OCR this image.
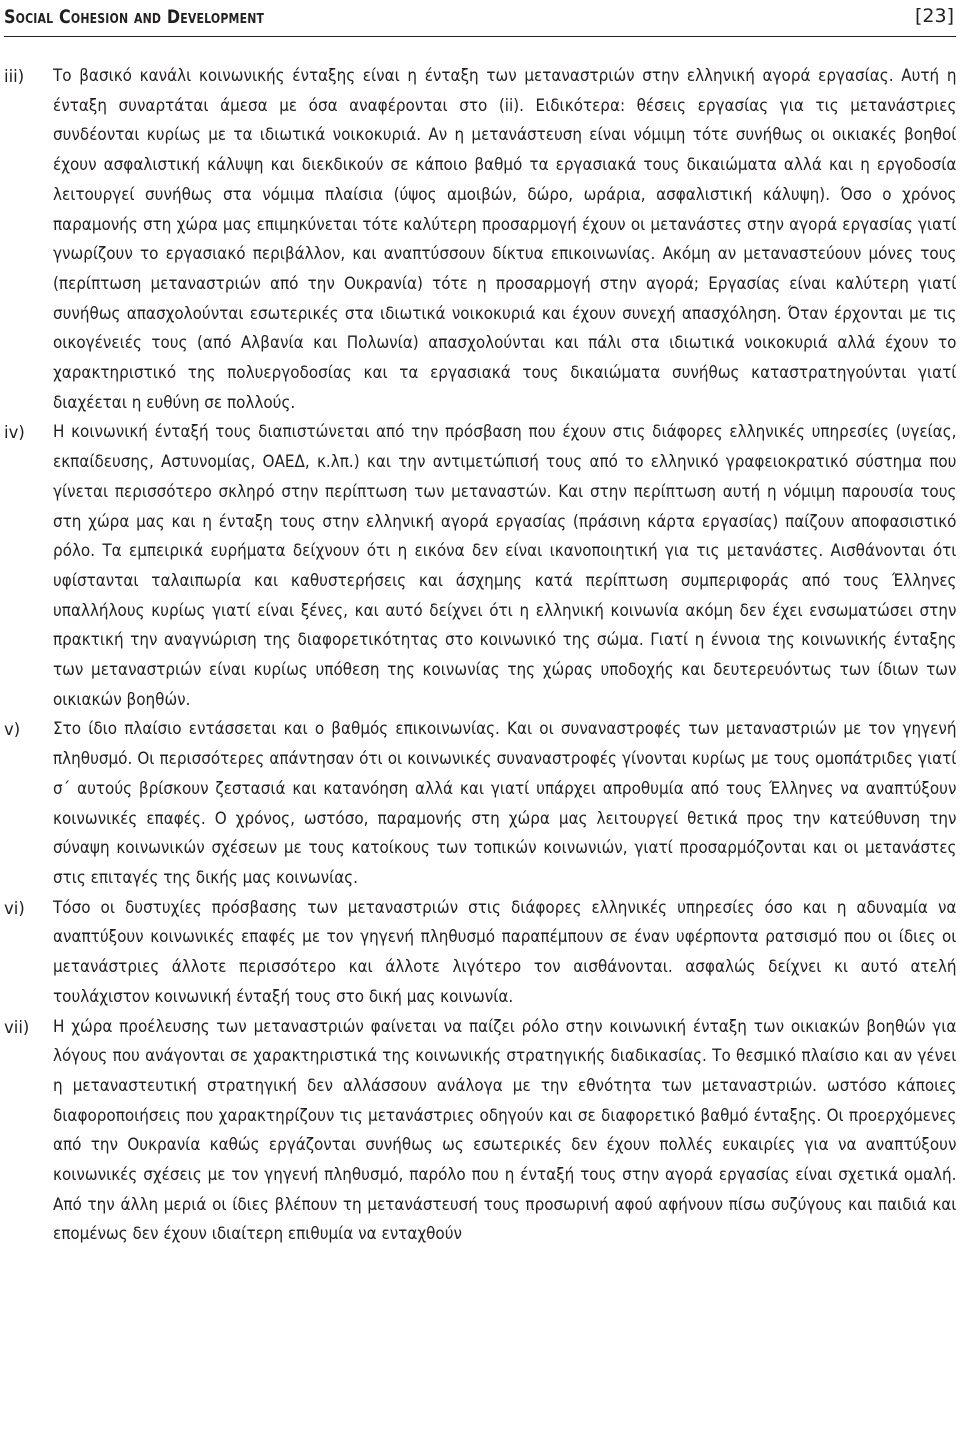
Social Cohesion and Development	[23]
iii) Το βασικό κανάλι κοινωνικής ένταξης είναι η ένταξη των μεταναστριών στην ελληνική αγορά εργασίας. Αυτή η ένταξη συναρτάται άμεσα με όσα αναφέρονται στο (ii). Ειδικότερα: θέσεις εργασίας για τις μετανάστριες συνδέονται κυρίως με τα ιδιωτικά νοικοκυριά. Αν η μετανάστευση είναι νόμιμη τότε συνήθως οι οικιακές βοηθοί έχουν ασφαλιστική κάλυψη και διεκδικούν σε κάποιο βαθμό τα εργασιακά τους δικαιώματα αλλά και η εργοδοσία λειτουργεί συνήθως στα νόμιμα πλαίσια (ύψος αμοιβών, δώρο, ωράρια, ασφαλιστική κάλυψη). Όσο ο χρόνος παραμονής στη χώρα μας επιμηκύνεται τότε καλύτερη προσαρμογή έχουν οι μετανάστες στην αγορά εργασίας γιατί γνωρίζουν το εργασιακό περιβάλλον, και αναπτύσσουν δίκτυα επικοινωνίας. Ακόμη αν μεταναστεύουν μόνες τους (περίπτωση μεταναστριών από την Ουκρανία) τότε η προσαρμογή στην αγορά; Εργασίας είναι καλύτερη γιατί συνήθως απασχολούνται εσωτερικές στα ιδιωτικά νοικοκυριά και έχουν συνεχή απασχόληση. Όταν έρχονται με τις οικογένειές τους (από Αλβανία και Πολωνία) απασχολούνται και πάλι στα ιδιωτικά νοικοκυριά αλλά έχουν το χαρακτηριστικό της πολυεργοδοσίας και τα εργασιακά τους δικαιώματα συνήθως καταστρατηγούνται γιατί διαχέεται η ευθύνη σε πολλούς.
iv) Η κοινωνική ένταξή τους διαπιστώνεται από την πρόσβαση που έχουν στις διάφορες ελληνικές υπηρεσίες (υγείας, εκπαίδευσης, Αστυνομίας, ΟΑΕΔ, κ.λπ.) και την αντιμετώπισή τους από το ελληνικό γραφειοκρατικό σύστημα που γίνεται περισσότερο σκληρό στην περίπτωση των μεταναστών. Και στην περίπτωση αυτή η νόμιμη παρουσία τους στη χώρα μας και η ένταξη τους στην ελληνική αγορά εργασίας (πράσινη κάρτα εργασίας) παίζουν αποφασιστικό ρόλο. Τα εμπειρικά ευρήματα δείχνουν ότι η εικόνα δεν είναι ικανοποιητική για τις μετανάστες. Αισθάνονται ότι υφίστανται ταλαιπωρία και καθυστερήσεις και άσχημης κατά περίπτωση συμπεριφοράς από τους Έλληνες υπαλλήλους κυρίως γιατί είναι ξένες, και αυτό δείχνει ότι η ελληνική κοινωνία ακόμη δεν έχει ενσωματώσει στην πρακτική την αναγνώριση της διαφορετικότητας στο κοινωνικό της σώμα. Γιατί η έννοια της κοινωνικής ένταξης των μεταναστριών είναι κυρίως υπόθεση της κοινωνίας της χώρας υποδοχής και δευτερευόντως των ίδιων των οικιακών βοηθών.
v) Στο ίδιο πλαίσιο εντάσσεται και ο βαθμός επικοινωνίας. Και οι συναναστροφές των μεταναστριών με τον γηγενή πληθυσμό. Οι περισσότερες απάντησαν ότι οι κοινωνικές συναναστροφές γίνονται κυρίως με τους ομοπάτριδες γιατί σ΄ αυτούς βρίσκουν ζεστασιά και κατανόηση αλλά και γιατί υπάρχει απροθυμία από τους Έλληνες να αναπτύξουν κοινωνικές επαφές. Ο χρόνος, ωστόσο, παραμονής στη χώρα μας λειτουργεί θετικά προς την κατεύθυνση την σύναψη κοινωνικών σχέσεων με τους κατοίκους των τοπικών κοινωνιών, γιατί προσαρμόζονται και οι μετανάστες στις επιταγές της δικής μας κοινωνίας.
vi) Τόσο οι δυστυχίες πρόσβασης των μεταναστριών στις διάφορες ελληνικές υπηρεσίες όσο και η αδυναμία να αναπτύξουν κοινωνικές επαφές με τον γηγενή πληθυσμό παραπέμπουν σε έναν υφέρποντα ρατσισμό που οι ίδιες οι μετανάστριες άλλοτε περισσότερο και άλλοτε λιγότερο τον αισθάνονται. ασφαλώς δείχνει κι αυτό ατελή τουλάχιστον κοινωνική ένταξή τους στο δική μας κοινωνία.
vii) Η χώρα προέλευσης των μεταναστριών φαίνεται να παίζει ρόλο στην κοινωνική ένταξη των οικιακών βοηθών για λόγους που ανάγονται σε χαρακτηριστικά της κοινωνικής στρατηγικής διαδικασίας. Το θεσμικό πλαίσιο και αν γένει η μεταναστευτική στρατηγική δεν αλλάσσουν ανάλογα με την εθνότητα των μεταναστριών. ωστόσο κάποιες διαφοροποιήσεις που χαρακτηρίζουν τις μετανάστριες οδηγούν και σε διαφορετικό βαθμό ένταξης. Οι προερχόμενες από την Ουκρανία καθώς εργάζονται συνήθως ως εσωτερικές δεν έχουν πολλές ευκαιρίες για να αναπτύξουν κοινωνικές σχέσεις με τον γηγενή πληθυσμό, παρόλο που η ένταξή τους στην αγορά εργασίας είναι σχετικά ομαλή. Από την άλλη μεριά οι ίδιες βλέπουν τη μετανάστευσή τους προσωρινή αφού αφήνουν πίσω συζύγους και παιδιά και επομένως δεν έχουν ιδιαίτερη επιθυμία να ενταχθούν
